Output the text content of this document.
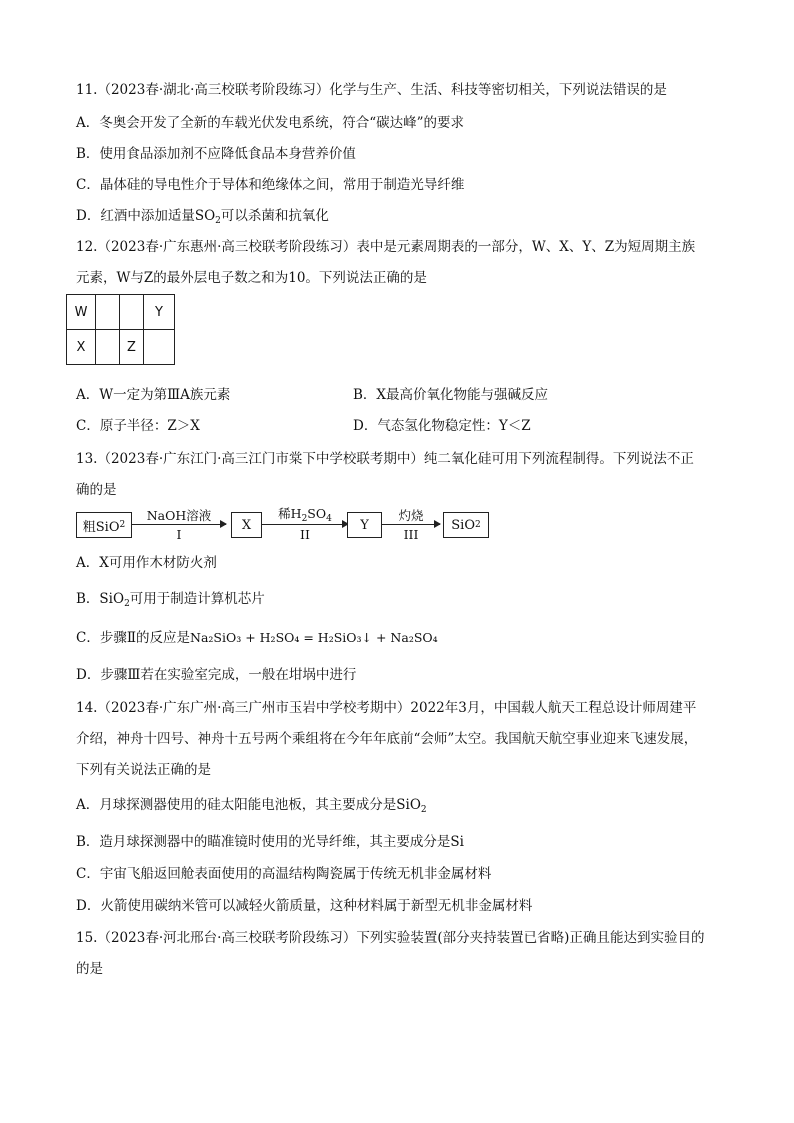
11.（2023春·湖北·高三校联考阶段练习）化学与生产、生活、科技等密切相关，下列说法错误的是
A．冬奥会开发了全新的车载光伏发电系统，符合“碳达峰”的要求
B．使用食品添加剂不应降低食品本身营养价值
C．晶体硅的导电性介于导体和绝缘体之间，常用于制造光导纤维
D．红酒中添加适量$SO_2$可以杀菌和抗氧化
12.（2023春·广东惠州·高三校联考阶段练习）表中是元素周期表的一部分，W、X、Y、Z为短周期主族
元素，W与Z的最外层电子数之和为10。下列说法正确的是
W			Y
X		Z	
A．W一定为第ⅢA族元素	B．X最高价氧化物能与强碱反应
C．原子半径：Z＞X	D．气态氢化物稳定性：Y＜Z
13.（2023春·广东江门·高三江门市棠下中学校联考期中）纯二氧化硅可用下列流程制得。下列说法不正
确的是
粗SiO 2
NaOH溶液
I
X
稀$H_2SO_4$
II
Y
灼烧
III
SiO 2
A．X可用作木材防火剂
B．SiO$_2$可用于制造计算机芯片
C．步骤Ⅱ的反应是Na₂SiO₃ + H₂SO₄ = H₂SiO₃↓ + Na₂SO₄
D．步骤Ⅲ若在实验室完成，一般在坩埚中进行
14.（2023春·广东广州·高三广州市玉岩中学校考期中）2022年3月，中国载人航天工程总设计师周建平
介绍，神舟十四号、神舟十五号两个乘组将在今年年底前“会师”太空。我国航天航空事业迎来飞速发展，
下列有关说法正确的是
A．月球探测器使用的硅太阳能电池板，其主要成分是SiO$_2$
B．造月球探测器中的瞄准镜时使用的光导纤维，其主要成分是Si
C．宇宙飞船返回舱表面使用的高温结构陶瓷属于传统无机非金属材料
D．火箭使用碳纳米管可以减轻火箭质量，这种材料属于新型无机非金属材料
15.（2023春·河北邢台·高三校联考阶段练习）下列实验装置(部分夹持装置已省略)正确且能达到实验目的
的是
